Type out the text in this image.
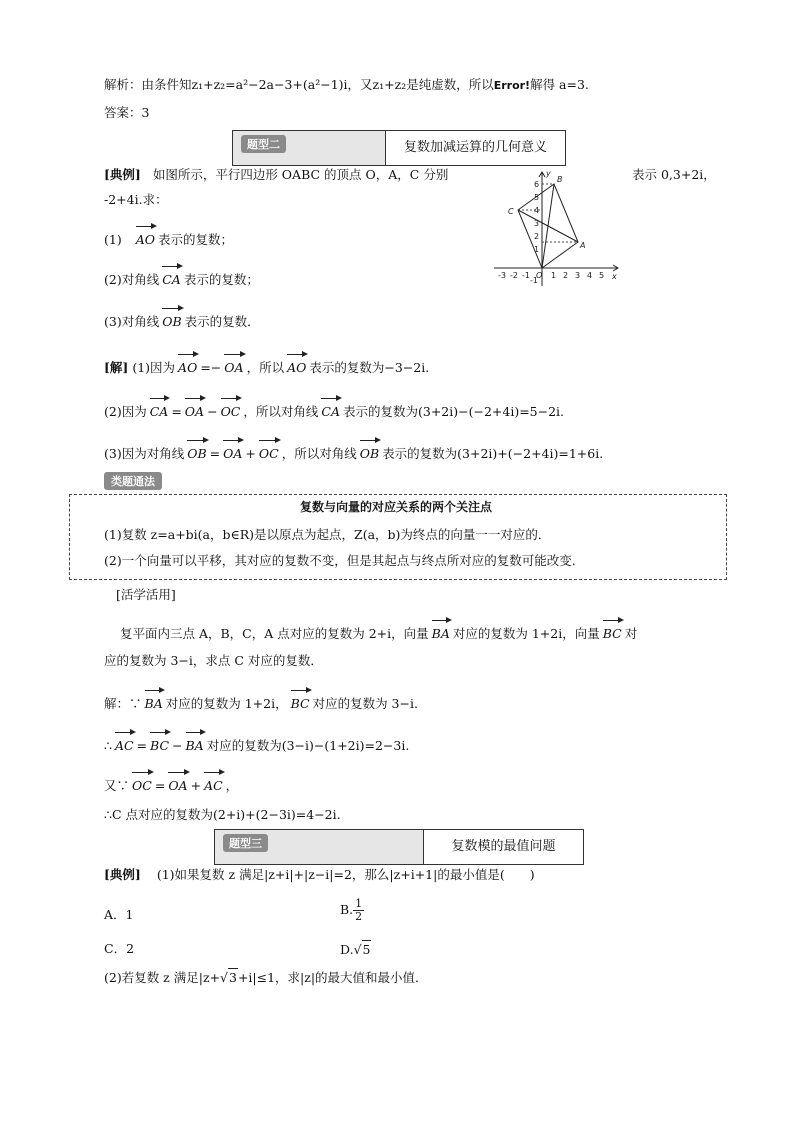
解析：由条件知z₁+z₂=a²−2a−3+(a²−1)i，又z₁+z₂是纯虚数，所以Error!解得 a=3.
答案：3
题型二	复数加减运算的几何意义
[典例] 如图所示，平行四边形 OABC 的顶点 O，A，C 分别	表示 0,3+2i，
-2+4i.求：
(1) AO 表示的复数；
(2)对角线 CA 表示的复数；
(3)对角线 OB 表示的复数．
y
x
O
A
B
C
6
5
4
3
2
1
-1
-3 -2 -1	1 2 3 4 5
[解] (1)因为 AO =− OA ，所以 AO 表示的复数为−3−2i.
(2)因为 CA = OA − OC ，所以对角线 CA 表示的复数为(3+2i)−(−2+4i)=5−2i.
(3)因为对角线 OB = OA + OC ，所以对角线 OB 表示的复数为(3+2i)+(−2+4i)=1+6i.
类题通法
复数与向量的对应关系的两个关注点
(1)复数 z=a+bi(a，b∈R)是以原点为起点，Z(a，b)为终点的向量一一对应的．
(2)一个向量可以平移，其对应的复数不变，但是其起点与终点所对应的复数可能改变．
[活学活用]
复平面内三点 A，B，C，A 点对应的复数为 2+i，向量 BA 对应的复数为 1+2i，向量 BC 对
应的复数为 3−i，求点 C 对应的复数．
解：∵ BA 对应的复数为 1+2i， BC 对应的复数为 3−i.
∴ AC = BC − BA 对应的复数为(3−i)−(1+2i)=2−3i.
又∵ OC = OA + AC ，
∴C 点对应的复数为(2+i)+(2−3i)=4−2i.
题型三	复数模的最值问题
[典例] (1)如果复数 z 满足|z+i|+|z−i|=2，那么|z+i+1|的最小值是(　　)
A．1	B. $\frac{1}{2}$
C．2	D.√5
(2)若复数 z 满足|z+√3+i|≤1，求|z|的最大值和最小值．
